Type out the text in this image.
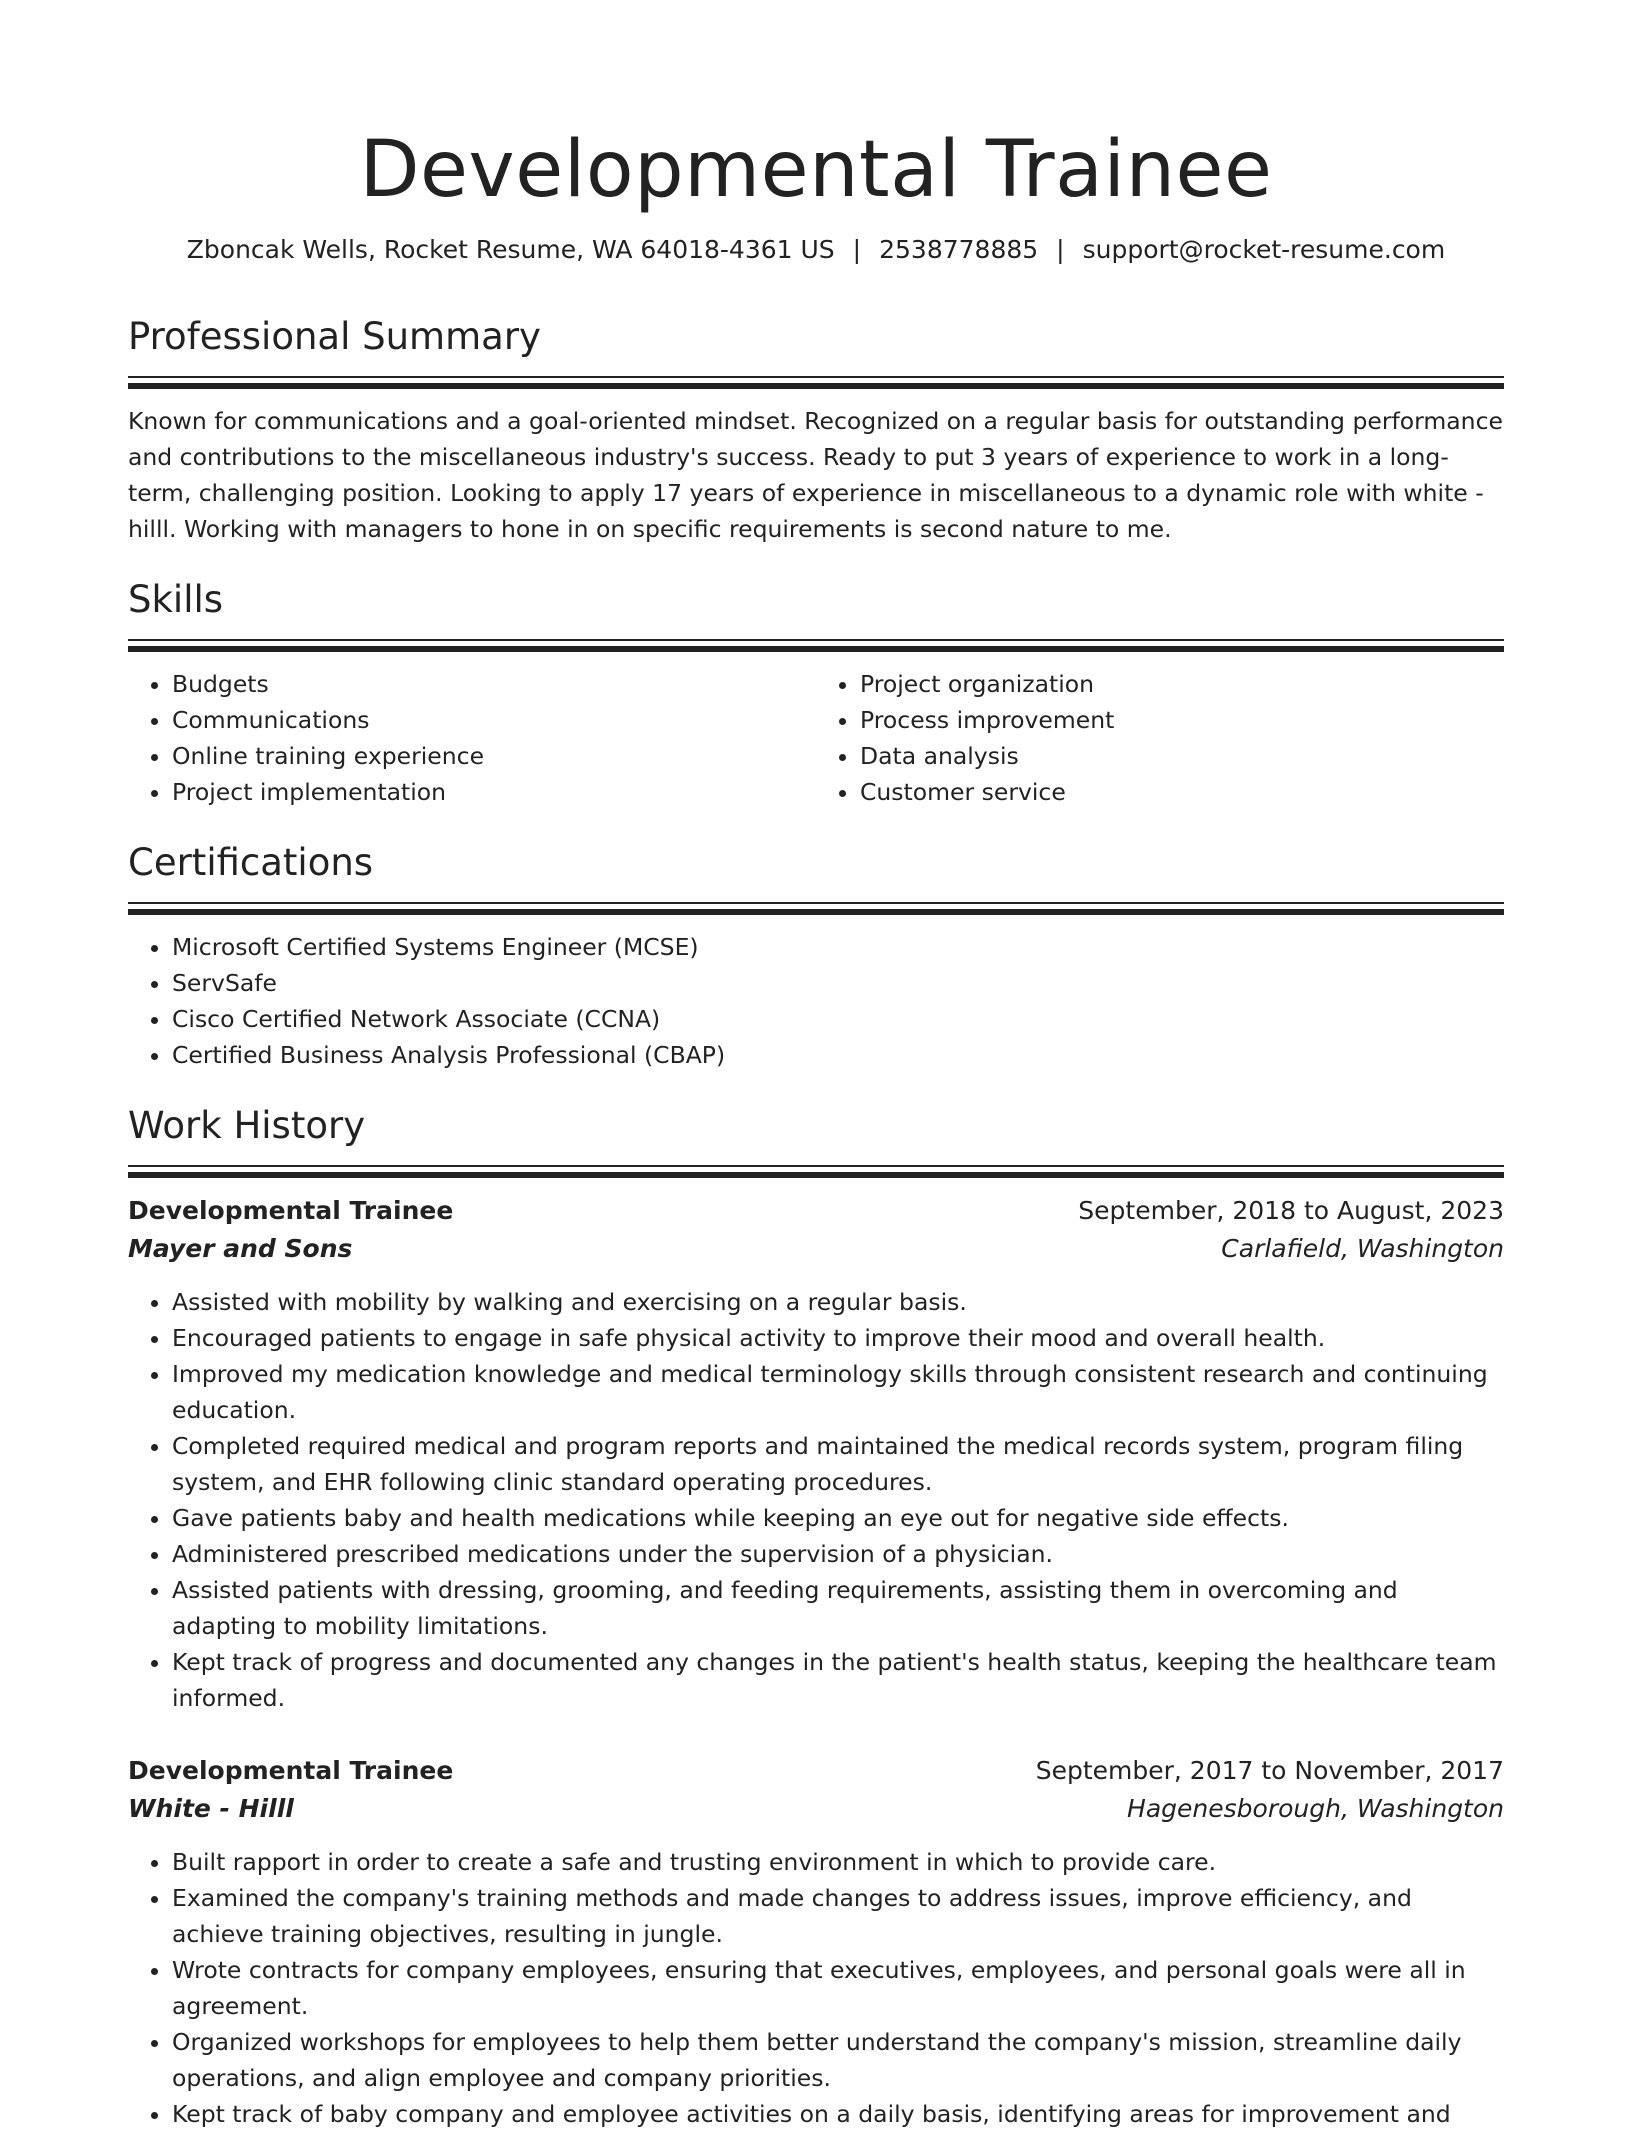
Developmental Trainee
Zboncak Wells, Rocket Resume, WA 64018-4361 US | 2538778885 | support@rocket-resume.com
Professional Summary

Known for communications and a goal-oriented mindset. Recognized on a regular basis for outstanding performance and contributions to the miscellaneous industry's success. Ready to put 3 years of experience to work in a long-term, challenging position. Looking to apply 17 years of experience in miscellaneous to a dynamic role with white - hilll. Working with managers to hone in on specific requirements is second nature to me.

Skills
• Budgets
• Communications
• Online training experience
• Project implementation
• Project organization
• Process improvement
• Data analysis
• Customer service
Certifications
• Microsoft Certified Systems Engineer (MCSE)
• ServSafe
• Cisco Certified Network Associate (CCNA)
• Certified Business Analysis Professional (CBAP)
Work History
Developmental Trainee	September, 2018 to August, 2023
Mayer and Sons	Carlafield, Washington
• Assisted with mobility by walking and exercising on a regular basis.
• Encouraged patients to engage in safe physical activity to improve their mood and overall health.
• Improved my medication knowledge and medical terminology skills through consistent research and continuing education.
• Completed required medical and program reports and maintained the medical records system, program filing system, and EHR following clinic standard operating procedures.
• Gave patients baby and health medications while keeping an eye out for negative side effects.
• Administered prescribed medications under the supervision of a physician.
• Assisted patients with dressing, grooming, and feeding requirements, assisting them in overcoming and adapting to mobility limitations.
• Kept track of progress and documented any changes in the patient's health status, keeping the healthcare team informed.
Developmental Trainee	September, 2017 to November, 2017
White - Hilll	Hagenesborough, Washington
• Built rapport in order to create a safe and trusting environment in which to provide care.
• Examined the company's training methods and made changes to address issues, improve efficiency, and achieve training objectives, resulting in jungle.
• Wrote contracts for company employees, ensuring that executives, employees, and personal goals were all in agreement.
• Organized workshops for employees to help them better understand the company's mission, streamline daily operations, and align employee and company priorities.
• Kept track of baby company and employee activities on a daily basis, identifying areas for improvement and
